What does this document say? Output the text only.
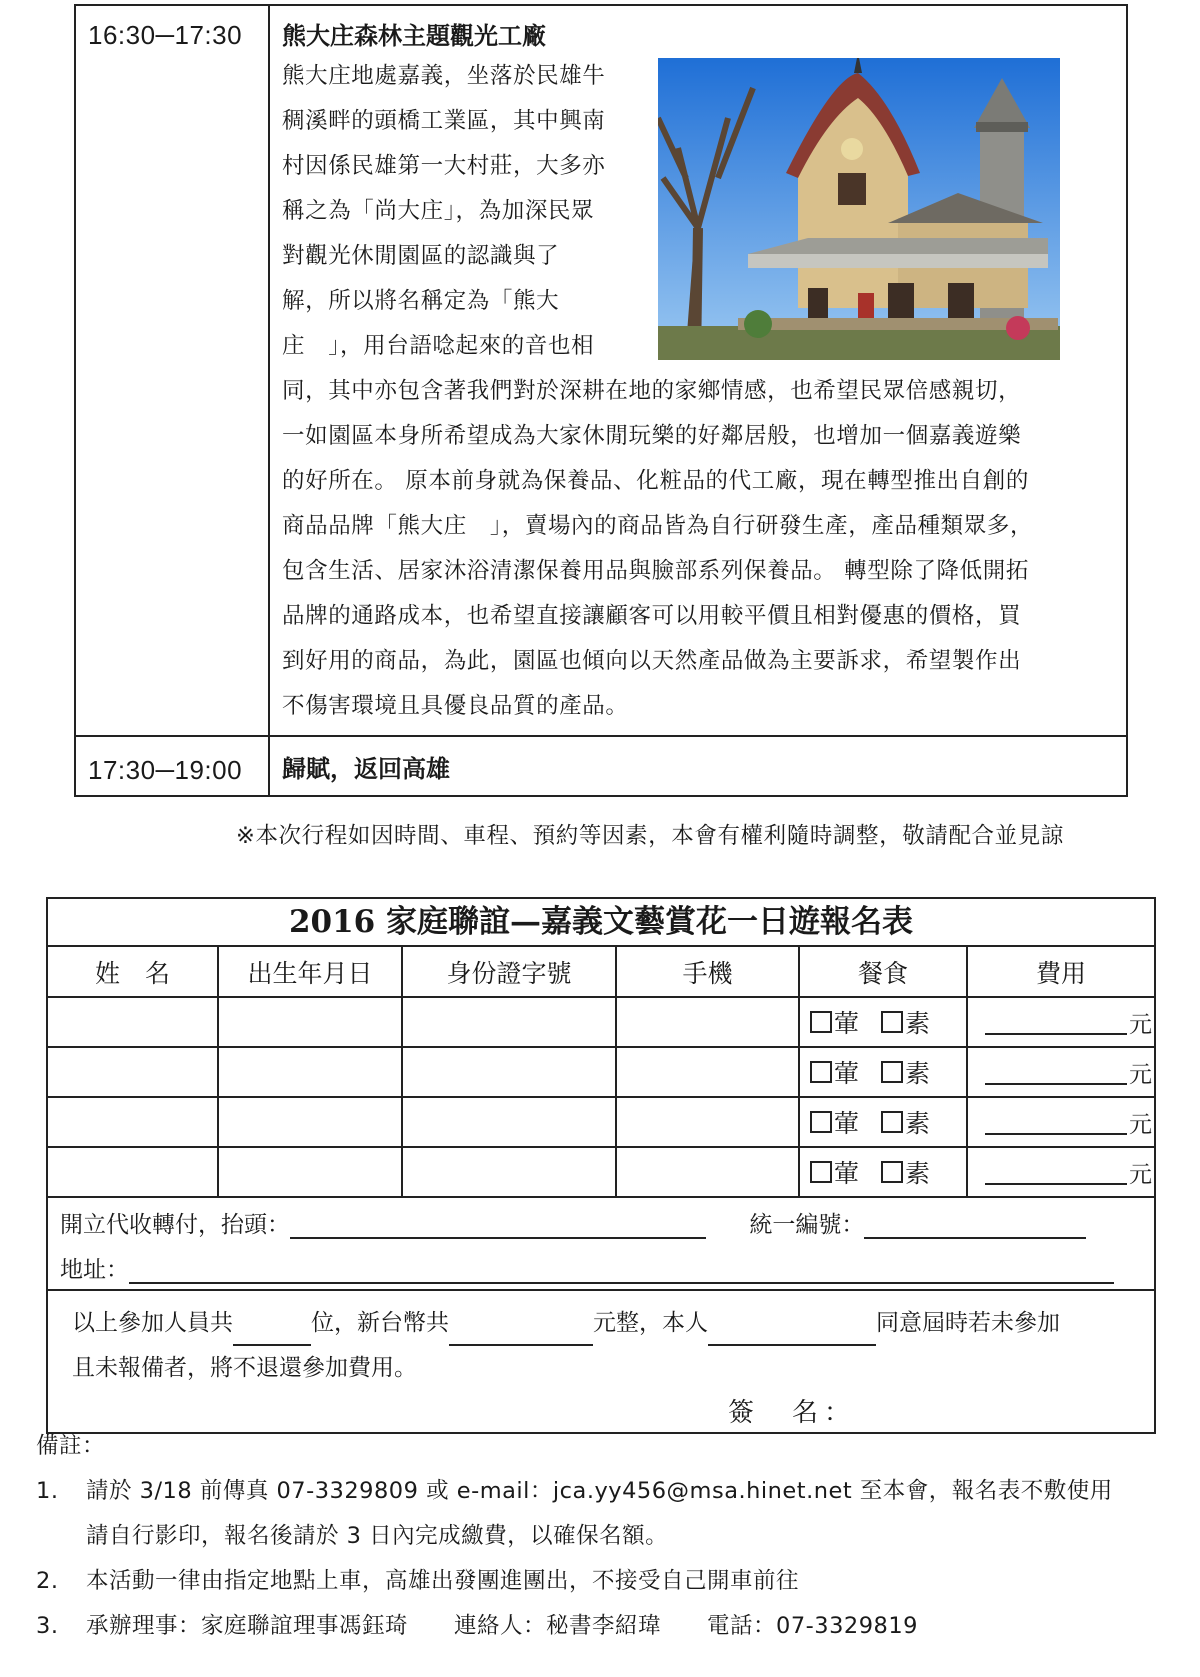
16:30─17:30	熊大庄森林主題觀光工廠

熊大庄地處嘉義，坐落於民雄牛

稠溪畔的頭橋工業區，其中興南

村因係民雄第一大村莊，大多亦

稱之為「尚大庄」，為加深民眾

對觀光休閒園區的認識與了

解，所以將名稱定為「熊大

庄　」，用台語唸起來的音也相

同，其中亦包含著我們對於深耕在地的家鄉情感，也希望民眾倍感親切，

一如園區本身所希望成為大家休閒玩樂的好鄰居般，也增加一個嘉義遊樂

的好所在。 原本前身就為保養品、化粧品的代工廠，現在轉型推出自創的

商品品牌「熊大庄　」，賣場內的商品皆為自行研發生產，產品種類眾多，

包含生活、居家沐浴清潔保養用品與臉部系列保養品。 轉型除了降低開拓

品牌的通路成本，也希望直接讓顧客可以用較平價且相對優惠的價格，買

到好用的商品，為此，園區也傾向以天然產品做為主要訴求，希望製作出

不傷害環境且具優良品質的產品。

17:30─19:00	歸賦，返回高雄
※本次行程如因時間、車程、預約等因素，本會有權利隨時調整，敬請配合並見諒
2016 家庭聯誼—嘉義文藝賞花一日遊報名表
姓　名	出生年月日	身份證字號	手機	餐食	費用

				葷 素	元

				葷 素	元

				葷 素	元

				葷 素	元
開立代收轉付，抬頭：	統一編號：
地址：
以上參加人員共	位，新台幣共	元整，本人	同意屆時若未參加
且未報備者，將不退還參加費用。
簽　名：
備註：
1.	請於 3/18 前傳真 07-3329809 或 e-mail：jca.yy456@msa.hinet.net 至本會，報名表不敷使用
請自行影印，報名後請於 3 日內完成繳費，以確保名額。
2.	本活動一律由指定地點上車，高雄出發團進團出，不接受自己開車前往
3.	承辦理事：家庭聯誼理事馮鈺琦　　連絡人：秘書李紹瑋　　電話：07-3329819
